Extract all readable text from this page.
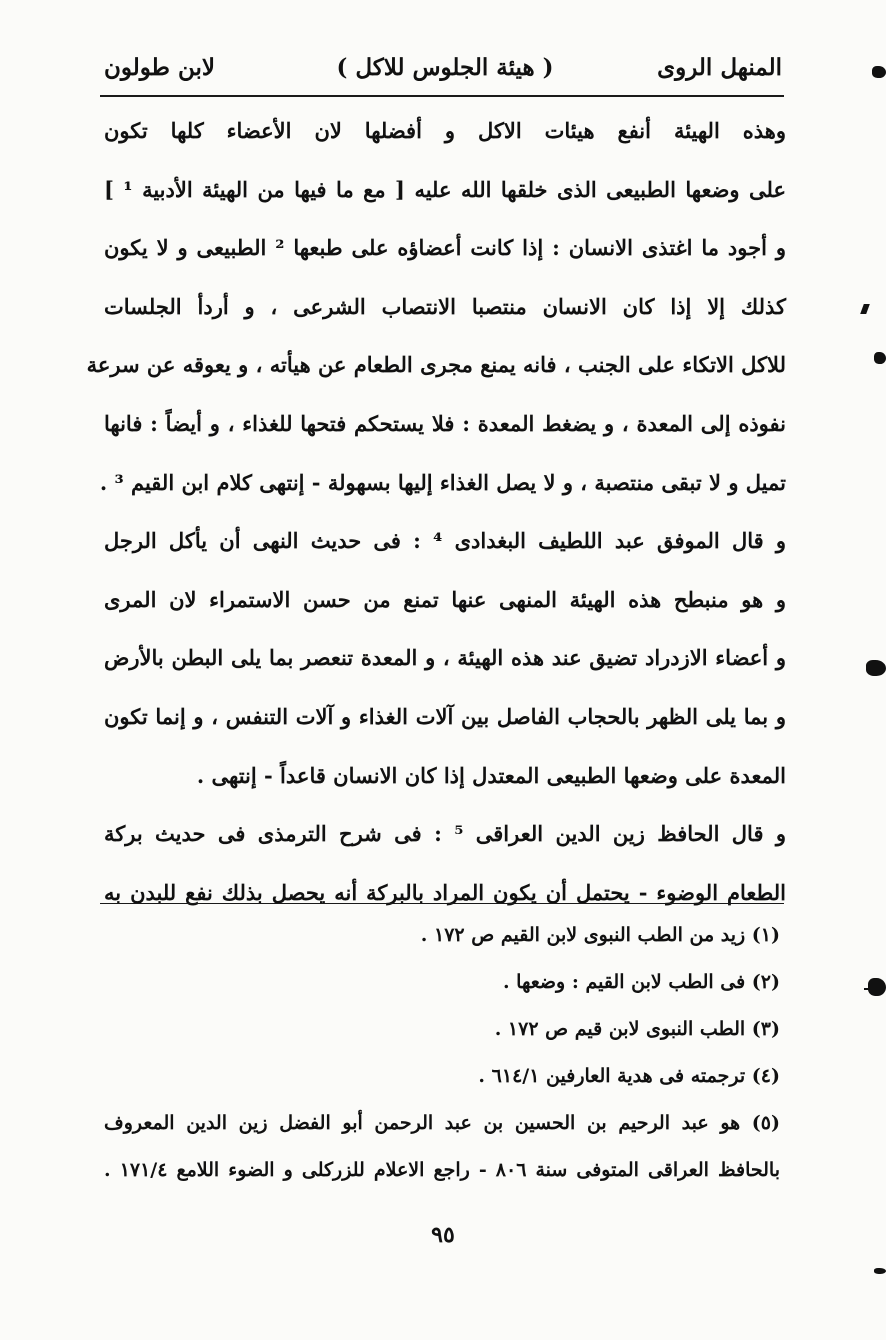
المنهل الروى
( هيئة الجلوس للاكل )
لابن طولون
وهذه الهيئة أنفع هيئات الاكل و أفضلها لان الأعضاء كلها تكون
على وضعها الطبيعى الذى خلقها الله عليه [ مع ما فيها من الهيئة الأدبية ¹ ]
و أجود ما اغتذى الانسان : إذا كانت أعضاؤه على طبعها ² الطبيعى و لا يكون
كذلك إلا إذا كان الانسان منتصبا الانتصاب الشرعى ، و أردأ الجلسات
للاكل الاتكاء على الجنب ، فانه يمنع مجرى الطعام عن هيأته ، و يعوقه عن سرعة
نفوذه إلى المعدة ، و يضغط المعدة : فلا يستحكم فتحها للغذاء ، و أيضاً : فانها
تميل و لا تبقى منتصبة ، و لا يصل الغذاء إليها بسهولة - إنتهى كلام ابن القيم ³ .
و قال الموفق عبد اللطيف البغدادى ⁴ : فى حديث النهى أن يأكل الرجل
و هو منبطح هذه الهيئة المنهى عنها تمنع من حسن الاستمراء لان المرى
و أعضاء الازدراد تضيق عند هذه الهيئة ، و المعدة تنعصر بما يلى البطن بالأرض
و بما يلى الظهر بالحجاب الفاصل بين آلات الغذاء و آلات التنفس ، و إنما تكون
المعدة على وضعها الطبيعى المعتدل إذا كان الانسان قاعداً - إنتهى .
و قال الحافظ زين الدين العراقى ⁵ : فى شرح الترمذى فى حديث بركة
الطعام الوضوء - يحتمل أن يكون المراد بالبركة أنه يحصل بذلك نفع للبدن به
(١) زيد من الطب النبوى لابن القيم ص ١٧٢ .
(٢) فى الطب لابن القيم : وضعها .
(٣) الطب النبوى لابن قيم ص ١٧٢ .
(٤) ترجمته فى هدية العارفين ٦١٤/١ .
(٥) هو عبد الرحيم بن الحسين بن عبد الرحمن أبو الفضل زين الدين المعروف
بالحافظ العراقى المتوفى سنة ٨٠٦ - راجع الاعلام للزركلى و الضوء اللامع ١٧١/٤ .
٩٥
